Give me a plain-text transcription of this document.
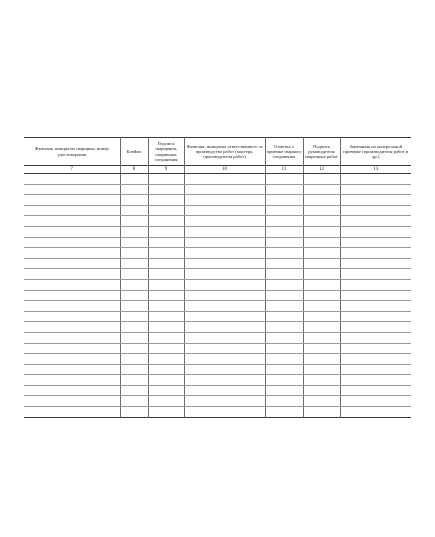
Фамилия, инициалы сварщика, номер удостоверения	Клеймо	Подпися сварщиков, сваривших соединения	Фамилия, инициалы ответственного за производство работ (мастера, производителя работ)	Отметка о приемке сварного соединения	Подпись руководителя сварочных работ	Замечания по контрольной проверке (производителя работ и др.)
7	8	9	10	11	12	13
